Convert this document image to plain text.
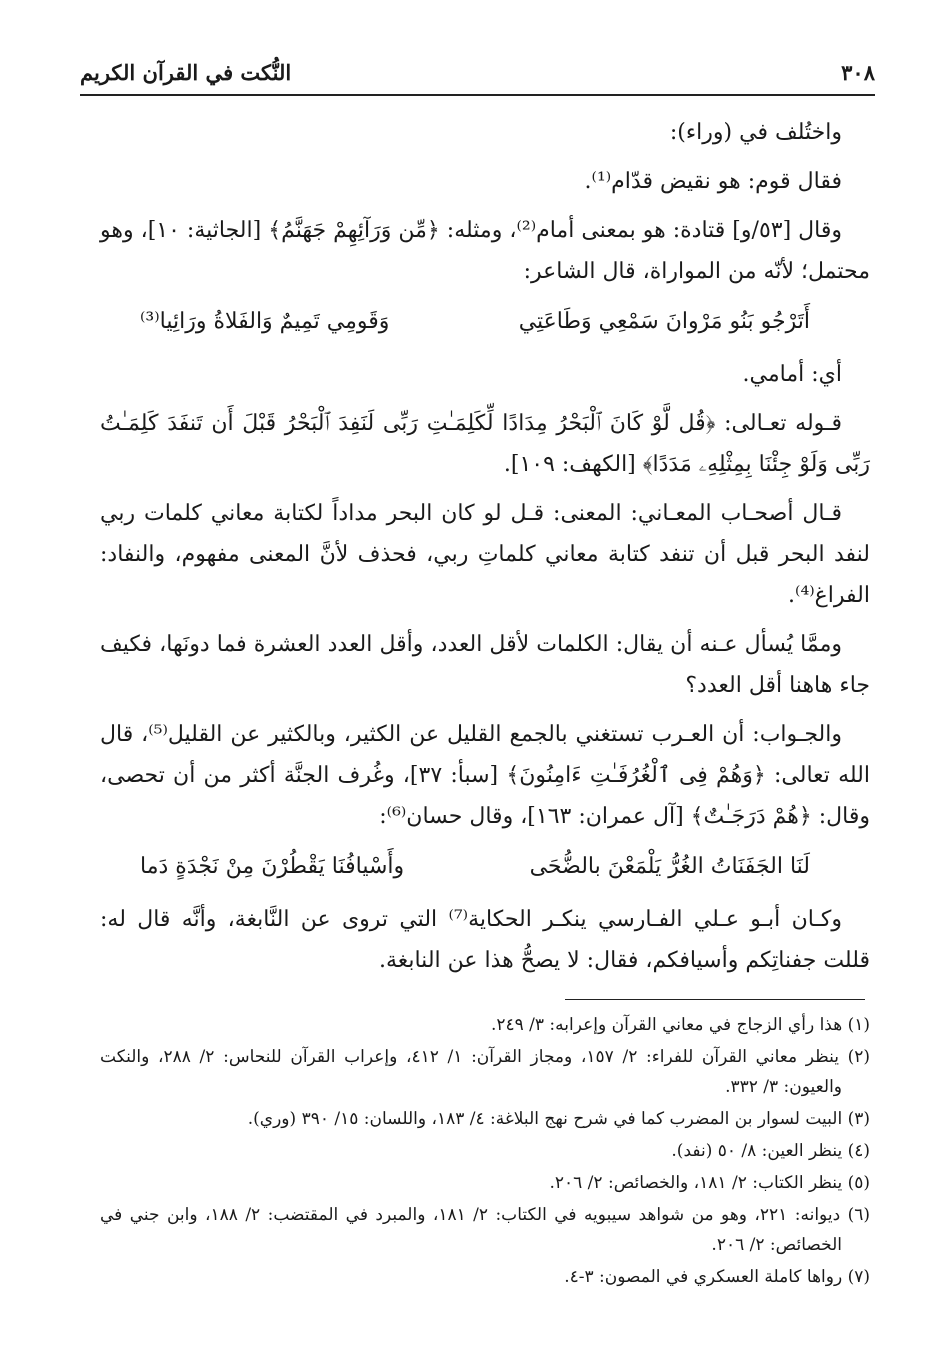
٣٠٨
النُّكت في القرآن الكريم

واختُلف في (وراء):

فقال قوم: هو نقيض قدّام⁽¹⁾.

وقال [٥٣/و] قتادة: هو بمعنى أمام⁽²⁾، ومثله: ﴿مِّن وَرَآئِهِمْ جَهَنَّمُ﴾ [الجاثية: ١٠]، وهو محتمل؛ لأنّه من المواراة، قال الشاعر:

أَتَرْجُو بَنُو مَرْوانَ سَمْعِي وَطَاعَتِي
وَقَومِي تَمِيمٌ وَالفَلاةُ ورَائِيا⁽³⁾

أي: أمامي.

قـوله تعـالى: ﴿قُل لَّوْ كَانَ ٱلْبَحْرُ مِدَادًا لِّكَلِمَـٰتِ رَبِّى لَنَفِدَ ٱلْبَحْرُ قَبْلَ أَن تَنفَدَ كَلِمَـٰتُ رَبِّى وَلَوْ جِئْنَا بِمِثْلِهِۦ مَدَدًا﴾ [الكهف: ١٠٩].

قـال أصحـاب المعـاني: المعنى: قـل لو كان البحر مداداً لكتابة معاني كلمات ربي لنفد البحر قبل أن تنفد كتابة معاني كلماتِ ربي، فحذف لأنَّ المعنى مفهوم، والنفاد: الفراغ⁽⁴⁾.

وممَّا يُسأل عـنه أن يقال: الكلمات لأقل العدد، وأقل العدد العشرة فما دونَها، فكيف جاء هاهنا أقل العدد؟

والجـواب: أن العـرب تستغني بالجمع القليل عن الكثير، وبالكثير عن القليل⁽⁵⁾، قال الله تعالى: ﴿وَهُمْ فِى ٱلْغُرُفَـٰتِ ءَامِنُونَ﴾ [سبأ: ٣٧]، وغُرف الجنَّة أكثر من أن تحصى، وقال: ﴿هُمْ دَرَجَـٰتٌ﴾ [آل عمران: ١٦٣]، وقال حسان⁽⁶⁾:

لَنَا الجَفَنَاتُ الغُرُّ يَلْمَعْنَ بالضُّحَى
وأَسْيافُنَا يَقْطُرْنَ مِنْ نَجْدَةٍ دَما

وكـان أبـو عـلي الفـارسي ينكـر الحكاية⁽⁷⁾ التي تروى عن النَّابغة، وأنَّه قال له: قللت جفناتِكم وأسيافكم، فقال: لا يصحُّ هذا عن النابغة.

(١) هذا رأي الزجاج في معاني القرآن وإعرابه: ٣/ ٢٤٩.

(٢) ينظر معاني القرآن للفراء: ٢/ ١٥٧، ومجاز القرآن: ١/ ٤١٢، وإعراب القرآن للنحاس: ٢/ ٢٨٨، والنكت والعيون: ٣/ ٣٣٢.

(٣) البيت لسوار بن المضرب كما في شرح نهج البلاغة: ٤/ ١٨٣، واللسان: ١٥/ ٣٩٠ (وري).

(٤) ينظر العين: ٨/ ٥٠ (نفد).

(٥) ينظر الكتاب: ٢/ ١٨١، والخصائص: ٢/ ٢٠٦.

(٦) ديوانه: ٢٢١، وهو من شواهد سيبويه في الكتاب: ٢/ ١٨١، والمبرد في المقتضب: ٢/ ١٨٨، وابن جني في الخصائص: ٢/ ٢٠٦.

(٧) رواها كاملة العسكري في المصون: ٣-٤.
